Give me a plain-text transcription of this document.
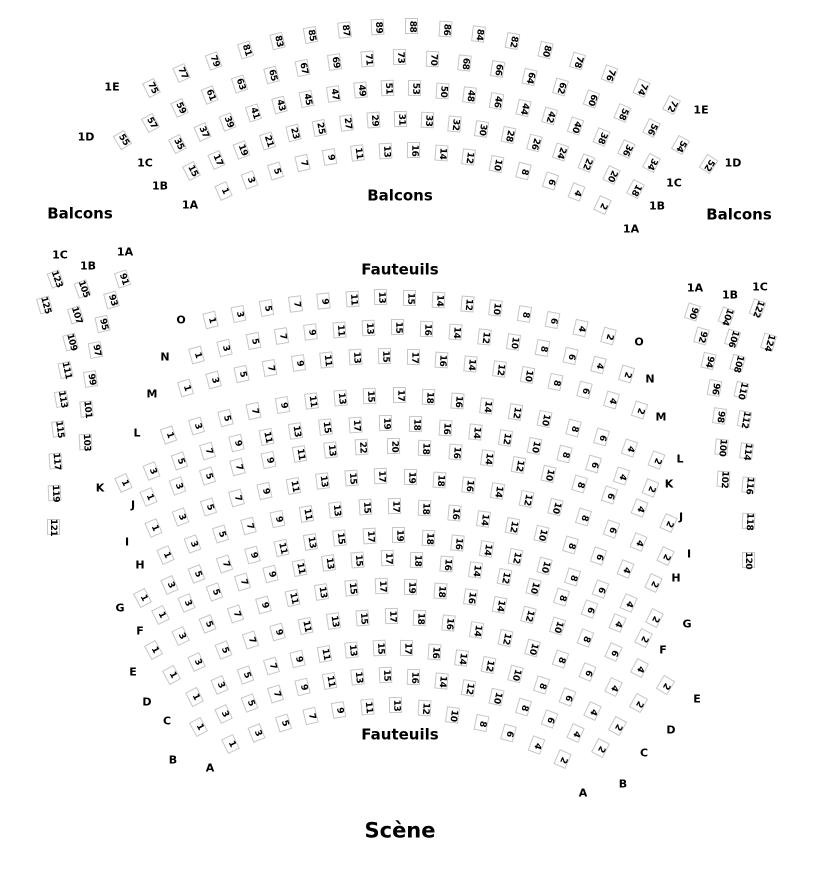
Balcons
Balcons
Balcons
Fauteuils
Fauteuils
Scène
1
3
5
7
9 11 13 16 14 12 10
8
6
4
2
1A
1A
15
17
19
21
23 25 27 29 31 33 32 30 28
26
24
22
20
18
1B
1B
35
37
39
41
43 45 47 49 51 53 50 48 46
44
42
40
38
36
34
1C
1C
55
57
59
61
63
65
67 69 71 73 70 68 66
64
62
60
58
56
54
52
1D
1D
75
77
79
81
83
85 87	89	88	86	84
82
80
78
76
74
72
1E
1E
1
3
5
7
9 11 13 12 10
8
6
4
2
A
A
1
3
5
7
9 11 13 15 16 14
12
10
8
6
4
2
B
B
1
3
5
7
9 11 13 15 17 16 14
12
10
8
6
4
2
C
C
1
3
5
7
9 11 13 15 17 18 16
14
12
10
8
6
4
2
D
D
1
3
5
7
9
11 13 15 17 19 18 16
14
12
10
8
6
4
2
E
E
1
3
5
7
9 11 13 15 17 18 16 14
12
10
8
6
4
2
F
F
1
3
5
7
9
11 13 15 17 19 18 16 14
12
10
8
6
4
2
G
G
1
3
5
7
9 11 13 15 17 18 16 14
12
10
8
6
4
2
H
H
1
3
5
7
9 11 13 15 17 19 18 16 14
12
10
8
6
4
2
I
I
1
3
5
7
9 11 13 22 20 18 16 14
12
10
8
6
4
2
J
J
1
3
5
7
9
11 13 15 17 19 18 16 14 12
10
8
6
4
2
K	K
1
3
5
7
9 11 13 15 17 18 16 14 12
10
8
6
4
2
L
L
1
3
5
7
9 11 13 15 17 16 14 12 10
8
6
4
2
M
M
1
3
5
7
9 11 13 15 16 14 12 10
8
6
4
2
N
N
1
3
5
7 9 11 13 15 14 12 10 8
6
4
2
O
O
91
93
95
97
99
101
103
105
107
109
111
113
115
117
119
121
123
125
1C
1B
1A
90
92
94
96
98
100
102
104
106
108
110
112
114
116
118
120
122
124
1A
1B
1C
